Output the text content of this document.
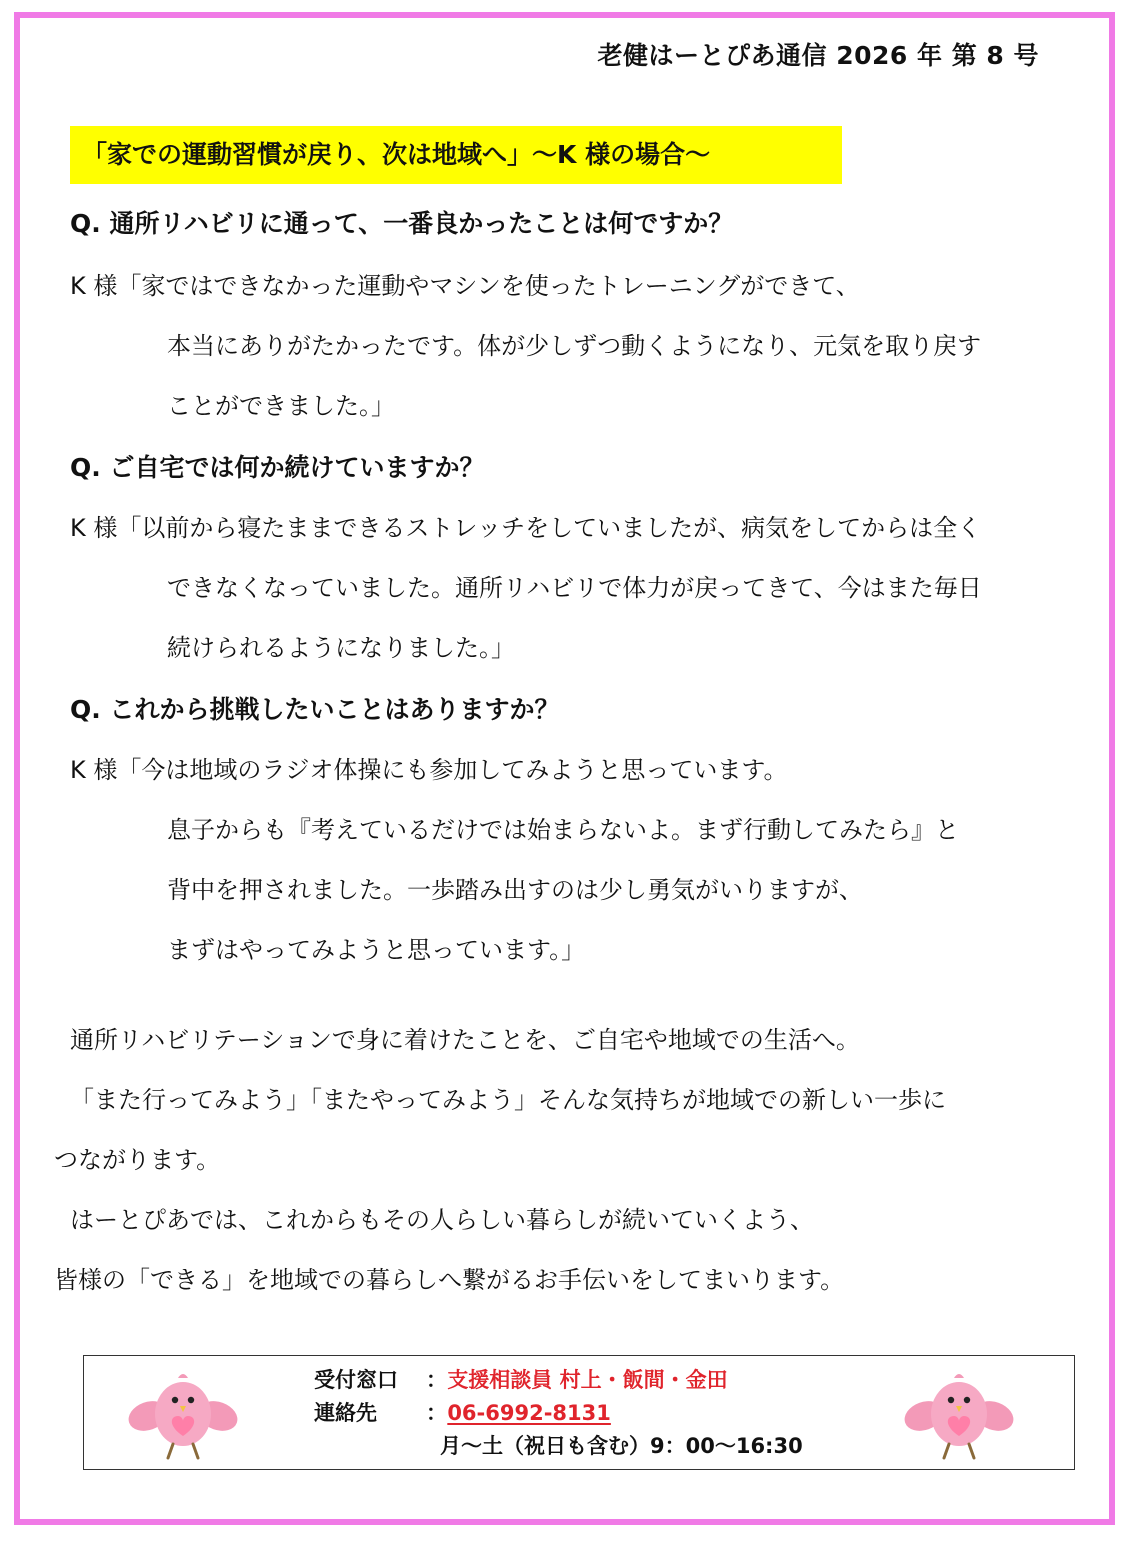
老健はーとぴあ通信 2026 年 第 8 号
「家での運動習慣が戻り、次は地域へ」～K 様の場合～
Q. 通所リハビリに通って、一番良かったことは何ですか？
K 様「家ではできなかった運動やマシンを使ったトレーニングができて、
本当にありがたかったです。体が少しずつ動くようになり、元気を取り戻す
ことができました。」
Q. ご自宅では何か続けていますか？
K 様「以前から寝たままできるストレッチをしていましたが、病気をしてからは全く
できなくなっていました。通所リハビリで体力が戻ってきて、今はまた毎日
続けられるようになりました。」
Q. これから挑戦したいことはありますか？
K 様「今は地域のラジオ体操にも参加してみようと思っています。
息子からも『考えているだけでは始まらないよ。まず行動してみたら』と
背中を押されました。一歩踏み出すのは少し勇気がいりますが、
まずはやってみようと思っています。」
通所リハビリテーションで身に着けたことを、ご自宅や地域での生活へ。
「また行ってみよう」「またやってみよう」そんな気持ちが地域での新しい一歩に
つながります。
はーとぴあでは、これからもその人らしい暮らしが続いていくよう、
皆様の「できる」を地域での暮らしへ繋がるお手伝いをしてまいります。
受付窓口 ： 支援相談員 村上・飯間・金田
連絡先 ： 06-6992-8131
月～土（祝日も含む）9：00～16:30
